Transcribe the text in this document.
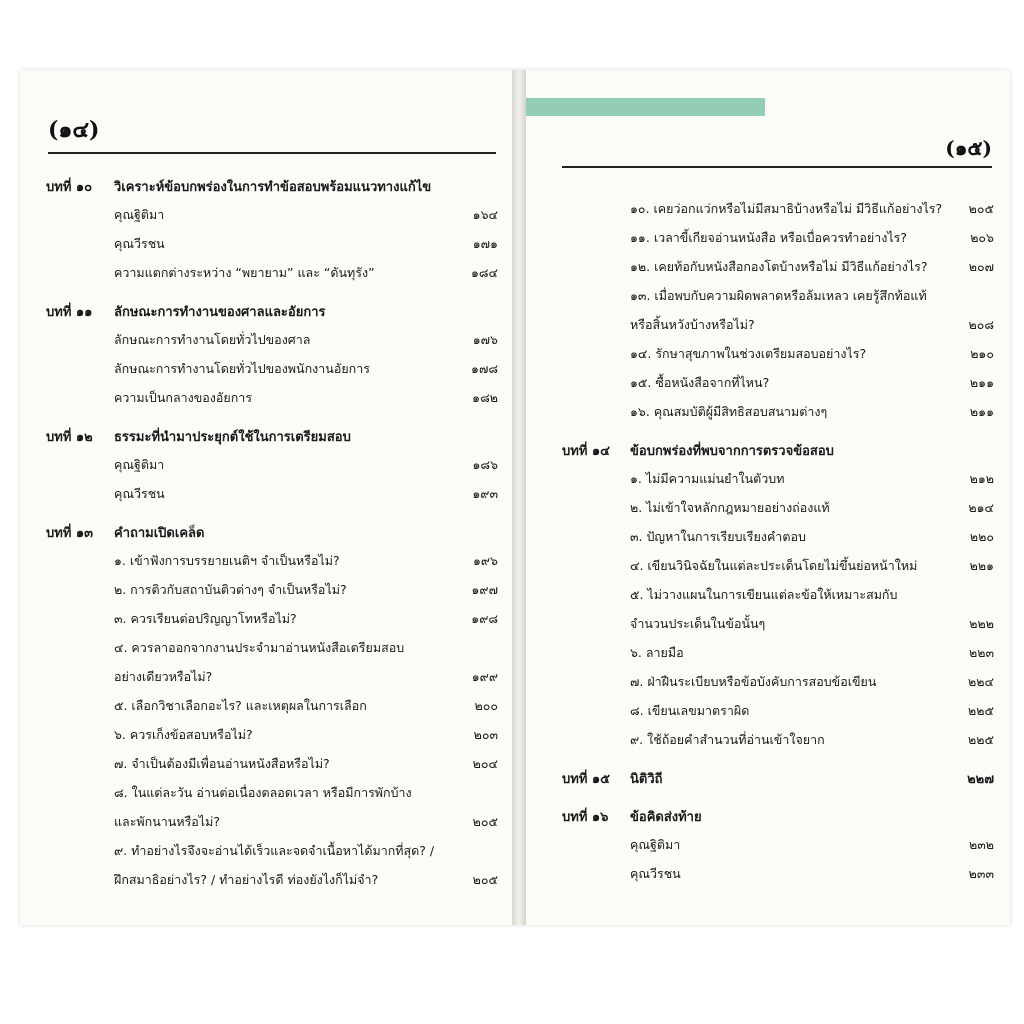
(๑๔)
บทที่ ๑๐	วิเคราะห์ข้อบกพร่องในการทำข้อสอบพร้อมแนวทางแก้ไข
คุณฐิติมา	๑๖๔
คุณวีรชน	๑๗๑
ความแตกต่างระหว่าง “พยายาม” และ “ดันทุรัง”	๑๘๔
บทที่ ๑๑	ลักษณะการทำงานของศาลและอัยการ
ลักษณะการทำงานโดยทั่วไปของศาล	๑๗๖
ลักษณะการทำงานโดยทั่วไปของพนักงานอัยการ	๑๗๘
ความเป็นกลางของอัยการ	๑๘๒
บทที่ ๑๒	ธรรมะที่นำมาประยุกต์ใช้ในการเตรียมสอบ
คุณฐิติมา	๑๘๖
คุณวีรชน	๑๙๓
บทที่ ๑๓	คำถามเปิดเคล็ด
๑. เข้าฟังการบรรยายเนติฯ จำเป็นหรือไม่?	๑๙๖
๒. การติวกับสถาบันติวต่างๆ จำเป็นหรือไม่?	๑๙๗
๓. ควรเรียนต่อปริญญาโทหรือไม่?	๑๙๘
๔. ควรลาออกจากงานประจำมาอ่านหนังสือเตรียมสอบ
อย่างเดียวหรือไม่?	๑๙๙
๕. เลือกวิชาเลือกอะไร? และเหตุผลในการเลือก	๒๐๐
๖. ควรเก็งข้อสอบหรือไม่?	๒๐๓
๗. จำเป็นต้องมีเพื่อนอ่านหนังสือหรือไม่?	๒๐๔
๘. ในแต่ละวัน อ่านต่อเนื่องตลอดเวลา หรือมีการพักบ้าง
และพักนานหรือไม่?	๒๐๕
๙. ทำอย่างไรจึงจะอ่านได้เร็วและจดจำเนื้อหาได้มากที่สุด? /
ฝึกสมาธิอย่างไร? / ทำอย่างไรดี ท่องยังไงก็ไม่จำ?	๒๐๕
(๑๕)
๑๐. เคยว่อกแว่กหรือไม่มีสมาธิบ้างหรือไม่ มีวิธีแก้อย่างไร?	๒๐๕
๑๑. เวลาขี้เกียจอ่านหนังสือ หรือเบื่อควรทำอย่างไร?	๒๐๖
๑๒. เคยท้อกับหนังสือกองโตบ้างหรือไม่ มีวิธีแก้อย่างไร?	๒๐๗
๑๓. เมื่อพบกับความผิดพลาดหรือล้มเหลว เคยรู้สึกท้อแท้
หรือสิ้นหวังบ้างหรือไม่?	๒๐๘
๑๔. รักษาสุขภาพในช่วงเตรียมสอบอย่างไร?	๒๑๐
๑๕. ซื้อหนังสือจากที่ไหน?	๒๑๑
๑๖. คุณสมบัติผู้มีสิทธิสอบสนามต่างๆ	๒๑๑
บทที่ ๑๔	ข้อบกพร่องที่พบจากการตรวจข้อสอบ
๑. ไม่มีความแม่นยำในตัวบท	๒๑๒
๒. ไม่เข้าใจหลักกฎหมายอย่างถ่องแท้	๒๑๔
๓. ปัญหาในการเรียบเรียงคำตอบ	๒๒๐
๔. เขียนวินิจฉัยในแต่ละประเด็นโดยไม่ขึ้นย่อหน้าใหม่	๒๒๑
๕. ไม่วางแผนในการเขียนแต่ละข้อให้เหมาะสมกับ
จำนวนประเด็นในข้อนั้นๆ	๒๒๒
๖. ลายมือ	๒๒๓
๗. ฝ่าฝืนระเบียบหรือข้อบังคับการสอบข้อเขียน	๒๒๔
๘. เขียนเลขมาตราผิด	๒๒๕
๙. ใช้ถ้อยคำสำนวนที่อ่านเข้าใจยาก	๒๒๕
บทที่ ๑๕	นิติวิถี	๒๒๗
บทที่ ๑๖	ข้อคิดส่งท้าย
คุณฐิติมา	๒๓๒
คุณวีรชน	๒๓๓
